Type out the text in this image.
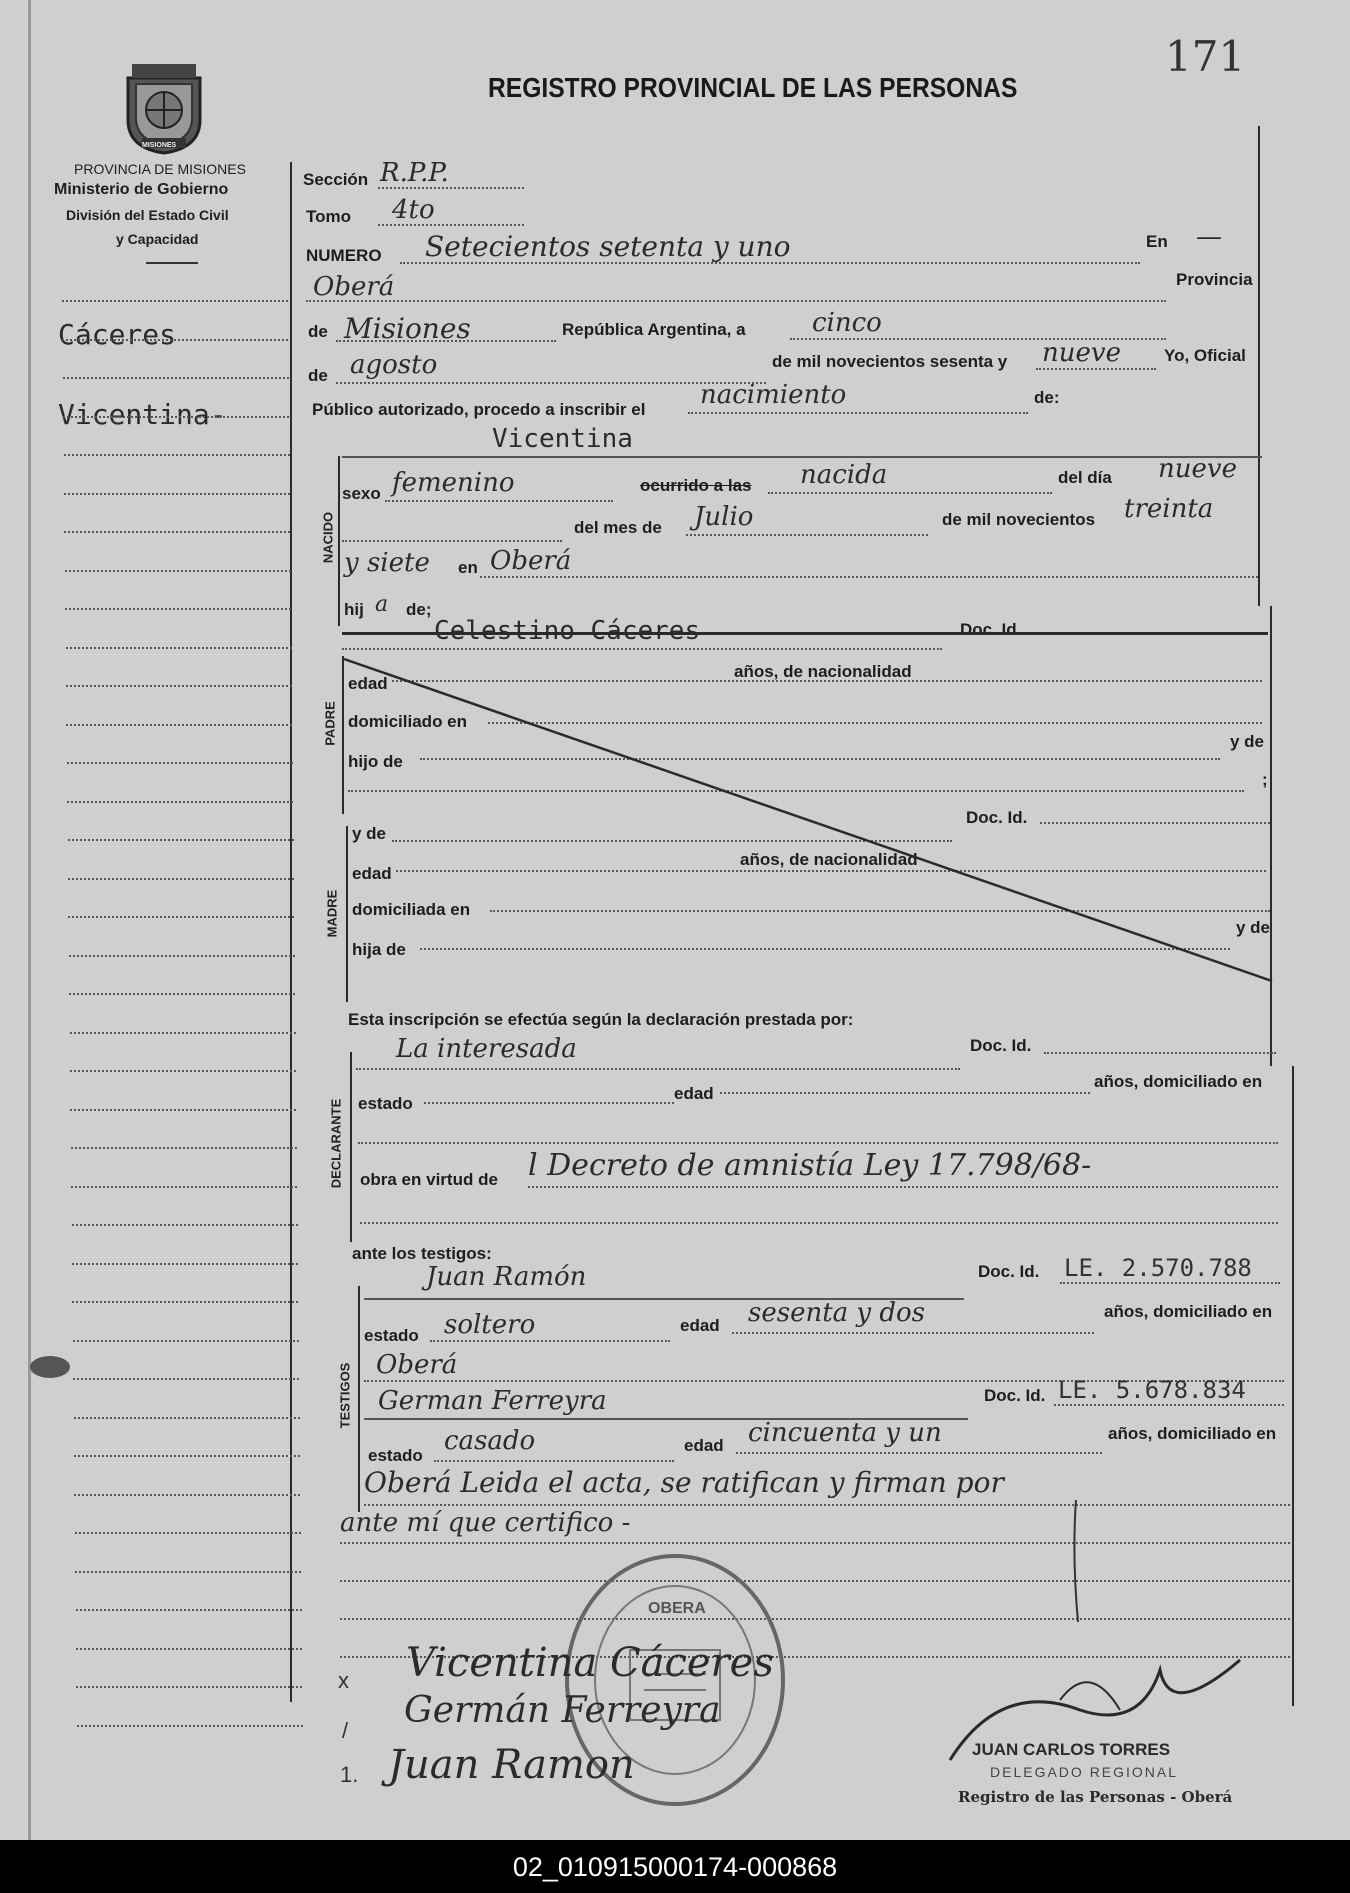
171
MISIONES
REGISTRO PROVINCIAL DE LAS PERSONAS
PROVINCIA DE MISIONES
Ministerio de Gobierno
División del Estado Civil
y Capacidad
Cáceres
Vicentina-
Sección R.P.P.
Tomo 4to
NUMERO Setecientos setenta y uno	En —
Oberá	Provincia
de Misiones	República Argentina, a	cinco
de agosto	de mil novecientos sesenta y nueve	Yo, Oficial
Público autorizado, procedo a inscribir el nacimiento	de:
NACIDO
Vicentina
sexo femenino	ocurrido a las nacida	del día nueve
del mes de Julio	de mil novecientos treinta
y siete en Oberá
hij a de;
PADRE
Celestino Cáceres	Doc. Id.
edad
años, de nacionalidad
domiciliado en
hijo de
y de
;
MADRE
y de
Doc. Id.
edad
años, de nacionalidad
domiciliada en
hija de
y de
Esta inscripción se efectúa según la declaración prestada por:
DECLARANTE
La interesada	Doc. Id.
estado
edad
años, domiciliado en
obra en virtud de l Decreto de amnistía Ley 17.798/68-
ante los testigos:
TESTIGOS
Juan Ramón	Doc. Id. LE. 2.570.788
estado soltero	edad sesenta y dos	años, domiciliado en
Oberá
German Ferreyra	Doc. Id. LE. 5.678.834
estado casado	edad cincuenta y un	años, domiciliado en
Oberá Leida el acta, se ratifican y firman por
ante mí que certifico -
OBERA
x
/
1.
Vicentina Cáceres
Germán Ferreyra
Juan Ramon	JUAN CARLOS TORRES
DELEGADO REGIONAL
Registro de las Personas - Oberá
02_010915000174-000868
